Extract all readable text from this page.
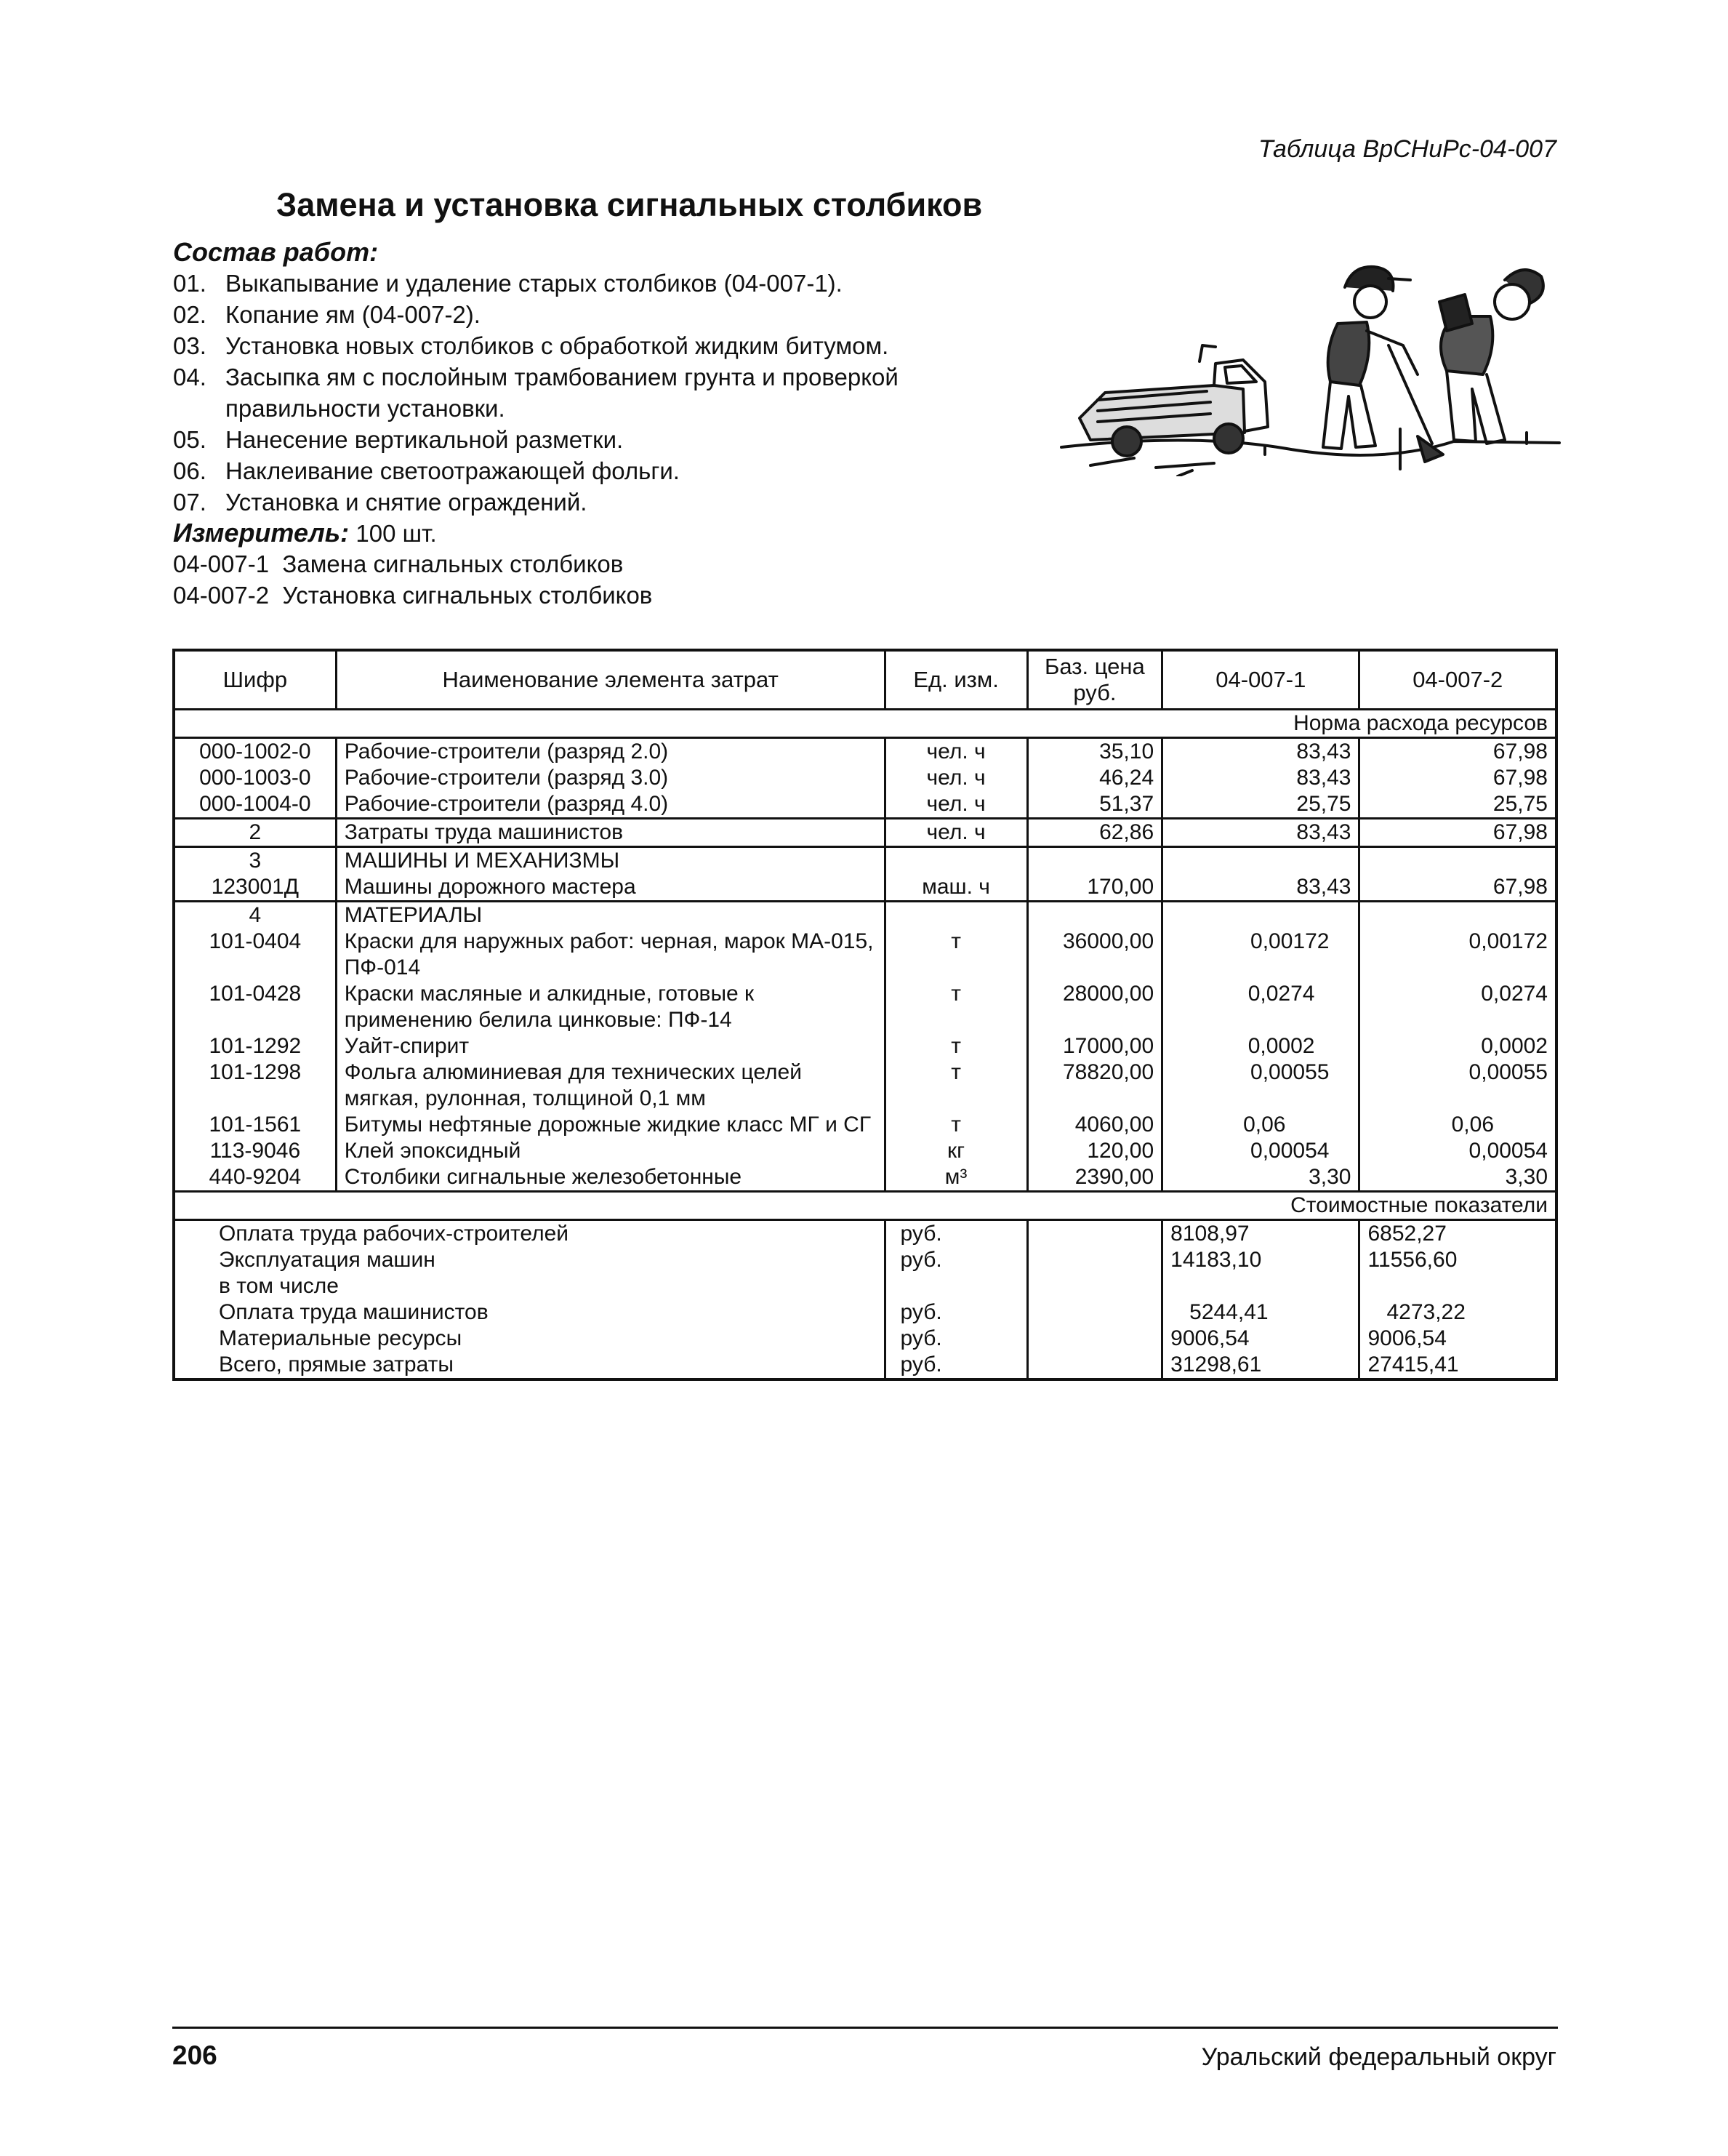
Таблица ВрСНиРс-04-007
Замена и установка сигнальных столбиков
Состав работ:
01. Выкапывание и удаление старых столбиков (04-007-1).
02. Копание ям (04-007-2).
03. Установка новых столбиков с обработкой жидким битумом.
04. Засыпка ям с послойным трамбованием грунта и проверкой правильности установки.
05. Нанесение вертикальной разметки.
06. Наклеивание светоотражающей фольги.
07. Установка и снятие ограждений.
Измеритель: 100 шт.
04-007-1  Замена сигнальных столбиков
04-007-2  Установка сигнальных столбиков
Шифр	Наименование элемента затрат	Ед. изм.	Баз. цена руб.	04-007-1	04-007-2
Норма расхода ресурсов					
000-1002-0	Рабочие-строители (разряд 2.0)	чел. ч	35,10	83,43	67,98
000-1003-0	Рабочие-строители (разряд 3.0)	чел. ч	46,24	83,43	67,98
000-1004-0	Рабочие-строители (разряд 4.0)	чел. ч	51,37	25,75	25,75
2	Затраты труда машинистов	чел. ч	62,86	83,43	67,98
3	МАШИНЫ И МЕХАНИЗМЫ				
123001Д	Машины дорожного мастера	маш. ч	170,00	83,43	67,98
4	МАТЕРИАЛЫ				
101-0404	Краски для наружных работ: черная, марок МА-015, ПФ-014	т	36000,00	0,00172	0,00172
101-0428	Краски масляные и алкидные, готовые к применению белила цинковые: ПФ-14	т	28000,00	0,0274	0,0274
101-1292	Уайт-спирит	т	17000,00	0,0002	0,0002
101-1298	Фольга алюминиевая для технических целей мягкая, рулонная, толщиной 0,1 мм	т	78820,00	0,00055	0,00055
101-1561	Битумы нефтяные дорожные жидкие класс МГ и СГ	т	4060,00	0,06	0,06
113-9046	Клей эпоксидный	кг	120,00	0,00054	0,00054
440-9204	Столбики сигнальные железобетонные	м³	2390,00	3,30	3,30
Стоимостные показатели					
Оплата труда рабочих-строителей		руб.		8108,97	6852,27
Эксплуатация машин		руб.		14183,10	11556,60
в том числе					
Оплата труда машинистов		руб.		5244,41	4273,22
Материальные ресурсы		руб.		9006,54	9006,54
Всего, прямые затраты		руб.		31298,61	27415,41
206	Уральский федеральный округ
